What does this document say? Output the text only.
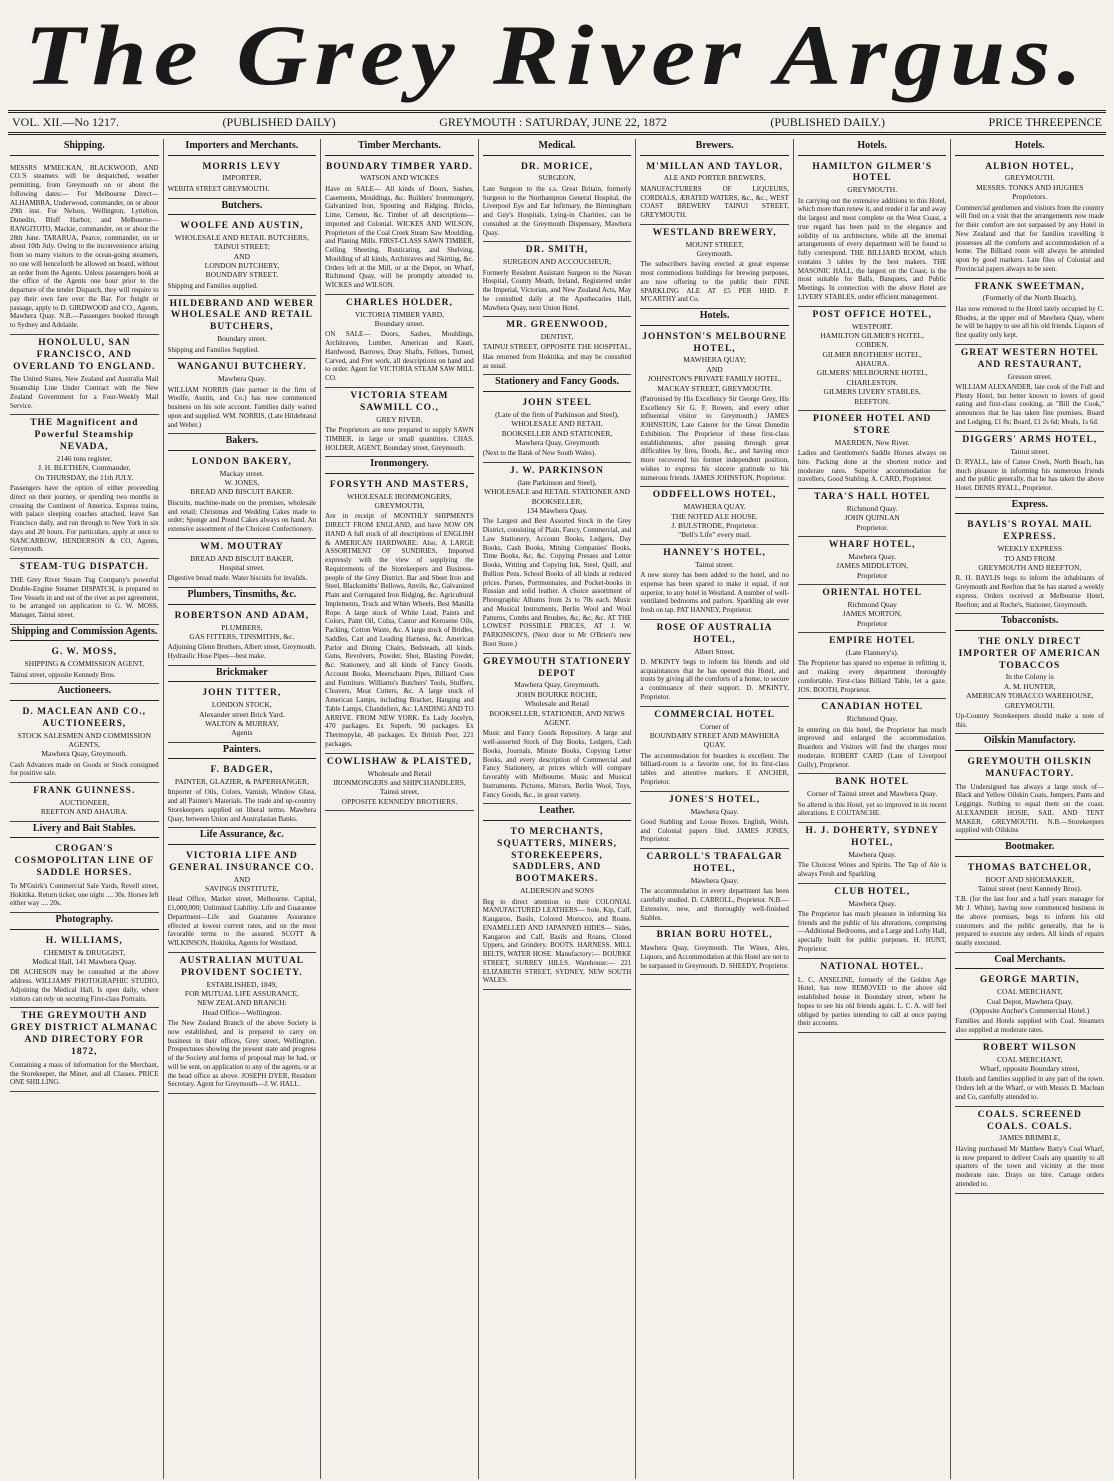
The Grey River Argus.
VOL. XII.—No 1217.	(PUBLISHED DAILY)	GREYMOUTH : SATURDAY, JUNE 22, 1872	(PUBLISHED DAILY.)	PRICE THREEPENCE
Shipping.
MESSRS M'MECKAN, BLACKWOOD, AND CO.'S steamers will be despatched, weather permitting, from Greymouth on or about the following dates:— For Melbourne Direct— ALHAMBRA, Underwood, commander, on or about 29th inst. For Nelson, Wellington, Lyttelton, Dunedin, Bluff Harbor, and Melbourne— RANGITOTO, Mackie, commander, on or about the 28th June. TARARUA, Pearce, commander, on or about 10th July. Owing to the inconvenience arising from so many visitors to the ocean-going steamers, no one will henceforth be allowed on board, without an order from the Agents. Unless passengers book at the office of the Agents one hour prior to the departure of the tender Dispatch, they will require to pay their own fare over the Bar. For freight or passage, apply to D. GIRDWOOD and CO., Agents, Mawhera Quay. N.B.—Passengers booked through to Sydney and Adelaide.
HONOLULU, SAN FRANCISCO, AND OVERLAND TO ENGLAND.
The United States, New Zealand and Australia Mail Steamship Line Under Contract with the New Zealand Government for a Four-Weekly Mail Service.
THE Magnificent and Powerful Steamship NEVADA,
2146 tons register,
J. H. BLETHEN, Commander,
On THURSDAY, the 11th JULY.
Passengers have the option of either proceeding direct on their journey, or spending two months in crossing the Continent of America. Express trains, with palace sleeping coaches attached, leave San Francisco daily, and run through to New York in six days and 20 hours. For particulars, apply at once to NANCARROW, HENDERSON & CO, Agents, Greymouth.
STEAM-TUG DISPATCH.
THE Grey River Steam Tug Company's powerful Double-Engine Steamer DISPATCH, is prepared to Tow Vessels in and out of the river as per agreement, to be arranged on application to G. W. MOSS, Manager, Tainui street.
Shipping and Commission Agents.
G. W. MOSS,
SHIPPING & COMMISSION AGENT,
Tainui street, opposite Kennedy Bros.
Auctioneers.
D. MACLEAN AND CO., AUCTIONEERS,
STOCK SALESMEN AND COMMISSION AGENTS,
Mawhera Quay, Greymouth.
Cash Advances made on Goods or Stock consigned for positive sale.
FRANK GUINNESS.
AUCTIONEER,
REEFTON AND AHAURA.
Livery and Bait Stables.
CROGAN'S COSMOPOLITAN LINE OF SADDLE HORSES.
To M'Guirk's Commercial Sale Yards, Revell street, Hokitika. Return ticket, one night .... 30s. Horses left either way .... 20s.
Photography.
H. WILLIAMS,
CHEMIST & DRUGGIST,
Medical Hall, 141 Mawhera Quay.
DR ACHESON may be consulted at the above address. WILLIAMS' PHOTOGRAPHIC STUDIO, Adjoining the Medical Hall, Is open daily, where visitors can rely on securing First-class Portraits.
THE GREYMOUTH AND GREY DISTRICT ALMANAC AND DIRECTORY FOR 1872,
Containing a mass of information for the Merchant, the Storekeeper, the Miner, and all Classes. PRICE ONE SHILLING.
Importers and Merchants.
MORRIS LEVY
IMPORTER,
WEBITA STREET GREYMOUTH.
Butchers.
WOOLFE AND AUSTIN,
WHOLESALE AND RETAIL BUTCHERS,
TAINUI STREET;
AND
LONDON BUTCHERY,
BOUNDARY STREET.
Shipping and Families supplied.
HILDEBRAND AND WEBER WHOLESALE AND RETAIL BUTCHERS,
Boundary street.
Shipping and Families Supplied.
WANGANUI BUTCHERY.
Mawhera Quay.
WILLIAM NORRIS (late partner in the firm of Woolfe, Austin, and Co.) has now commenced business on his sole account. Families daily waited upon and supplied. WM. NORRIS, (Late Hildebrand and Weber.)
Bakers.
LONDON BAKERY,
Mackay street.
W. JONES,
BREAD AND BISCUIT BAKER.
Biscuits, machine-made on the premises, wholesale and retail; Christmas and Wedding Cakes made to order; Sponge and Pound Cakes always on hand. An extensive assortment of the Choicest Confectionery.
WM. MOUTRAY
BREAD AND BISCUIT BAKER,
Hospital street.
Digestive bread made. Water biscuits for invalids.
Plumbers, Tinsmiths, &c.
ROBERTSON AND ADAM,
PLUMBERS,
GAS FITTERS, TINSMITHS, &c.
Adjoining Glenn Brothers, Albert street, Greymouth. Hydraulic Hose Pipes—best make.
Brickmaker
JOHN TITTER,
LONDON STOCK,
Alexander street Brick Yard.
WALTON & MURRAY,
Agents
Painters.
F. BADGER,
PAINTER, GLAZIER, & PAPERHANGER,
Importer of Oils, Colors, Varnish, Window Glass, and all Painter's Materials. The trade and up-country Storekeepers supplied on liberal terms. Mawhera Quay, between Union and Australasian Banks.
Life Assurance, &c.
VICTORIA LIFE AND GENERAL INSURANCE CO.
AND
SAVINGS INSTITUTE,
Head Office, Market street, Melbourne. Capital, £1,000,000; Unlimited Liability. Life and Guarantee Department—Life and Guarantee Assurance effected at lowest current rates, and on the most favorable terms to the assured. SCOTT & WILKINSON, Hokitika, Agents for Westland.
AUSTRALIAN MUTUAL PROVIDENT SOCIETY.
ESTABLISHED, 1849,
FOR MUTUAL LIFE ASSURANCE,
NEW ZEALAND BRANCH:
Head Office—Wellington.
The New Zealand Branch of the above Society is now established, and is prepared to carry on business in their offices, Grey street, Wellington. Prospectuses showing the present state and progress of the Society and forms of proposal may be had, or will be sent, on application to any of the agents, or at the head office as above. JOSEPH DYER, Resident Secretary. Agent for Greymouth—J. W. HALL.
Timber Merchants.
BOUNDARY TIMBER YARD.
WATSON AND WICKES
Have on SALE— All kinds of Doors, Sashes, Casements, Mouldings, &c. Builders' Ironmongery, Galvanized Iron, Spouting and Ridging. Bricks, Lime, Cement, &c. Timber of all descriptions—imported and Colonial. WICKES AND WILSON, Proprietors of the Coal Creek Steam Saw Moulding, and Planing Mills. FIRST-CLASS SAWN TIMBER, Ceiling Sheeting, Rusticating, and Shelving, Moulding of all kinds, Architraves and Skirting, &c. Orders left at the Mill, or at the Depot, on Wharf, Richmond Quay, will be promptly attended to. WICKES and WILSON.
CHARLES HOLDER,
VICTORIA TIMBER YARD,
Boundary street.
ON SALE— Doors, Sashes, Mouldings, Architraves, Lumber, American and Kauri, Hardwood, Barrows, Dray Shafts, Felloes, Turned, Carved, and Fret work, all descriptions on hand and to order. Agent for VICTORIA STEAM SAW MILL CO.
VICTORIA STEAM SAWMILL CO.,
GREY RIVER.
The Proprietors are now prepared to supply SAWN TIMBER, in large or small quantities. CHAS. HOLDER, AGENT, Boundary street, Greymouth.
Ironmongery.
FORSYTH AND MASTERS,
WHOLESALE IRONMONGERS,
GREYMOUTH,
Are in receipt of MONTHLY SHIPMENTS DIRECT FROM ENGLAND, and have NOW ON HAND A full stock of all descriptions of ENGLISH & AMERICAN HARDWARE: Also, A LARGE ASSORTMENT OF SUNDRIES, Imported expressly with the view of supplying the Requirements of the Storekeepers and Business-people of the Grey District. Bar and Sheet Iron and Steel, Blacksmiths' Bellows, Anvils, &c, Galvanized Plain and Corrugated Iron Ridging, &c. Agricultural Implements, Truck and Whim Wheels, Best Manilla Rope. A large stock of White Lead, Paints and Colors, Paint Oil, Colza, Castor and Kerosene Oils, Packing, Cotton Waste, &c. A large stock of Bridles, Saddles, Cart and Leading Harness, &c. American Parlor and Dining Chairs, Bedsteads, all kinds. Guns, Revolvers, Powder, Shot, Blasting Powder, &c. Stationery, and all kinds of Fancy Goods. Account Books, Meerschaum Pipes, Billiard Cues and Furniture. Williams's Butchers' Tools, Stuffers, Cleavers, Meat Cutters, &c. A large stock of American Lamps, including Bracket, Hanging and Table Lamps, Chandeliers, &c. LANDING AND TO ARRIVE. FROM NEW YORK. Ex Lady Jocelyn, 470 packages. Ex Superb, 90 packages. Ex Thermopylæ, 48 packages. Ex British Peer, 221 packages.
COWLISHAW & PLAISTED,
Wholesale and Retail
IRONMONGERS and SHIPCHANDLERS,
Tainui street,
OPPOSITE KENNEDY BROTHERS.
Medical.
DR. MORICE,
SURGEON,
Late Surgeon to the s.s. Great Britain, formerly Surgeon to the Northampton General Hospital, the Liverpool Eye and Ear Infirmary, the Birmingham and Guy's Hospitals, Lying-in Charities, can be consulted at the Greymouth Dispensary, Mawhera Quay.
DR. SMITH,
SURGEON AND ACCOUCHEUR,
Formerly Resident Assistant Surgeon to the Navan Hospital, County Meath, Ireland, Registered under the Imperial, Victorian, and New Zealand Acts, May be consulted daily at the Apothecaries Hall, Mawhera Quay, next Union Hotel.
MR. GREENWOOD,
DENTIST,
TAINUI STREET, OPPOSITE THE HOSPITAL,
Has returned from Hokitika, and may be consulted as usual.
Stationery and Fancy Goods.
JOHN STEEL
(Late of the firm of Parkinson and Steel),
WHOLESALE AND RETAIL
BOOKSELLER AND STATIONER,
Mawhera Quay, Greymouth
(Next to the Bank of New South Wales).
J. W. PARKINSON
(late Parkinson and Steel),
WHOLESALE and RETAIL STATIONER AND BOOKSELLER,
134 Mawhera Quay.
The Largest and Best Assorted Stock in the Grey District, consisting of Plain, Fancy, Commercial, and Law Stationery, Account Books, Ledgers, Day Books, Cash Books, Mining Companies' Books, Time Books, &c, &c. Copying Presses and Letter Books, Writing and Copying Ink, Steel, Quill, and Bullion Pens. School Books of all kinds at reduced prices. Purses, Portmonnaies, and Pocket-books in Russian and solid leather. A choice assortment of Photographic Albums from 2s to 70s each. Music and Musical Instruments, Berlin Wool and Wool Patterns, Combs and Brushes, &c, &c, &c. AT THE LOWEST POSSIBLE PRICES, AT J. W. PARKINSON'S, (Next door to Mr O'Brien's new Boot Store.)
GREYMOUTH STATIONERY DEPOT
Mawhera Quay, Greymouth.
JOHN BOURKE ROCHE,
Wholesale and Retail
BOOKSELLER, STATIONER, AND NEWS AGENT.
Music and Fancy Goods Repository. A large and well-assorted Stock of Day Books, Ledgers, Cash Books, Journals, Minute Books, Copying Letter Books, and every description of Commercial and Fancy Stationery, at prices which will compare favorably with Melbourne. Music and Musical Instruments. Pictures, Mirrors, Berlin Wool, Toys, Fancy Goods, &c., in great variety.
Leather.
TO MERCHANTS, SQUATTERS, MINERS, STOREKEEPERS, SADDLERS, AND BOOTMAKERS.
ALDERSON and SONS
Beg to direct attention to their COLONIAL MANUFACTURED LEATHERS— Sole, Kip, Calf, Kangaroo, Basils, Colored Morocco, and Roans. ENAMELLED AND JAPANNED HIDES— Sides, Kangaroo and Calf, Basils and Roans, Closed Uppers, and Grindery. BOOTS. HARNESS. MILL BELTS, WATER HOSE. Manufactory:— BOURKE STREET, SURREY HILLS. Warehouse:— 221 ELIZABETH STREET, SYDNEY, NEW SOUTH WALES.
Brewers.
M'MILLAN AND TAYLOR,
ALE AND PORTER BREWERS,
MANUFACTURERS OF LIQUEURS, CORDIALS, ÆRATED WATERS, &c., &c., WEST COAST BREWERY TAINUI STREET, GREYMOUTH.
WESTLAND BREWERY,
MOUNT STREET,
Greymouth.
The subscribers having erected at great expense most commodious buildings for brewing purposes, are now offering to the public their FINE SPARKLING ALE AT £5 PER HHD. P. M'CARTHY and Co.
Hotels.
JOHNSTON'S MELBOURNE HOTEL,
MAWHERA QUAY;
AND
JOHNSTON'S PRIVATE FAMILY HOTEL,
MACKAY STREET, GREYMOUTH.
(Patronised by His Excellency Sir George Grey, His Excellency Sir G. F. Bowen, and every other influential visitor to Greymouth.) JAMES JOHNSTON, Late Caterer for the Great Dunedin Exhibition. The Proprietor of these first-class establishments, after passing through great difficulties by fires, floods, &c., and having once more recovered his former independent position, wishes to express his sincere gratitude to his numerous friends. JAMES JOHNSTON, Proprietor.
ODDFELLOWS HOTEL,
MAWHERA QUAY.
THE NOTED ALE HOUSE.
J. BULSTRODE, Proprietor.
"Bell's Life" every mail.
HANNEY'S HOTEL,
Tainui street.
A new storey has been added to the hotel, and no expense has been spared to make it equal, if not superior, to any hotel in Westland. A number of well-ventilated bedrooms and parlors. Sparkling ale ever fresh on tap. PAT HANNEY, Proprietor.
ROSE OF AUSTRALIA HOTEL,
Albert Street.
D. M'KINTY begs to inform his friends and old acquaintances that he has opened this Hotel, and trusts by giving all the comforts of a home, to secure a continuance of their support. D. M'KINTY, Proprietor.
COMMERCIAL HOTEL
Corner of
BOUNDARY STREET AND MAWHERA QUAY.
The accommodation for boarders is excellent. The billiard-room is a favorite one, for its first-class tables and attentive markers. E ANCHER, Proprietor.
JONES'S HOTEL,
Mawhera Quay.
Good Stabling and Loose Boxes. English, Welsh, and Colonial papers filed. JAMES JONES, Proprietor.
CARROLL'S TRAFALGAR HOTEL,
Mawhera Quay.
The accommodation in every department has been carefully studied. D. CARROLL, Proprietor. N.B.—Extensive, new, and thoroughly well-finished Stables.
BRIAN BORU HOTEL,
Mawhera Quay, Greymouth. The Wines, Ales, Liquors, and Accommodation at this Hotel are not to be surpassed in Greymouth. D. SHEEDY, Proprietor.
Hotels.
HAMILTON GILMER'S HOTEL
GREYMOUTH.
In carrying out the extensive additions to this Hotel, which more than renew it, and render it far and away the largest and most complete on the West Coast, a true regard has been paid to the elegance and solidity of its architecture, while all the internal arrangements of every department will be found to fully correspond. THE BILLIARD ROOM, which contains 3 tables by the best makers. THE MASONIC HALL, the largest on the Coast, is the most suitable for Balls, Banquets, and Public Meetings. In connection with the above Hotel are LIVERY STABLES, under efficient management.
POST OFFICE HOTEL,
WESTPORT.
HAMILTON GILMER'S HOTEL,
COBDEN.
GILMER BROTHERS' HOTEL,
AHAURA.
GILMERS' MELBOURNE HOTEL,
CHARLESTON.
GILMERS LIVERY STABLES,
REEFTON.
PIONEER HOTEL AND STORE
MAERDEN, New River.
Ladies and Gentlemen's Saddle Horses always on hire. Packing done at the shortest notice and moderate rates. Superior accommodation for travellers, Good Stabling. A. CARD, Proprietor.
TARA'S HALL HOTEL
Richmond Quay.
JOHN QUINLAN
Proprietor.
WHARF HOTEL,
Mawhera Quay.
JAMES MIDDLETON,
Proprietor
ORIENTAL HOTEL
Richmond Quay
JAMES MORTON,
Proprietor
EMPIRE HOTEL
(Late Flannery's).
The Proprietor has spared no expense in refitting it, and making every department thoroughly comfortable. First-class Billiard Table, let a gaze. JOS. BOOTH, Proprietor.
CANADIAN HOTEL
Richmond Quay.
In entering on this hotel, the Proprietor has much improved and enlarged the accommodation. Boarders and Visitors will find the charges most moderate. ROBERT CARD (Late of Liverpool Gully), Proprietor.
BANK HOTEL
Corner of Tainui street and Mawhera Quay.
So altered is this Hotel, yet so improved in its recent alterations. E COUTANCHE.
H. J. DOHERTY, SYDNEY HOTEL,
Mawhera Quay.
The Choicest Wines and Spirits. The Tap of Ale is always Fresh and Sparkling
CLUB HOTEL,
Mawhera Quay.
The Proprietor has much pleasure in informing his friends and the public of his alterations, comprising—Additional Bedrooms, and a Large and Lofty Hall, specially built for public purposes. H. HUNT, Proprietor.
NATIONAL HOTEL.
L. C. ANSELINE, formerly of the Golden Age Hotel, has now REMOVED to the above old established house in Boundary street, where he hopes to see his old friends again. L. C. A. will feel obliged by parties intending to call at once paying their accounts.
Hotels.
ALBION HOTEL,
GREYMOUTH.
MESSRS. TONKS AND HUGHES
Proprietors.
Commercial gentlemen and visitors from the country will find on a visit that the arrangements now made for their comfort are not surpassed by any Hotel in New Zealand and that for families travelling it possesses all the comforts and accommodation of a home. The Billiard room will always be attended upon by good markers. Late files of Colonial and Provincial papers always to be seen.
FRANK SWEETMAN,
(Formerly of the North Beach),
Has now removed to the Hotel lately occupied by C. Rhodes, at the upper end of Mawhera Quay, where he will be happy to see all his old friends. Liquors of first quality only kept.
GREAT WESTERN HOTEL AND RESTAURANT,
Gresson street.
WILLIAM ALEXANDER, late cook of the Full and Plenty Hotel, but better known to lovers of good eating and first-class cooking, as "Bill the Cook," announces that he has taken fine premises. Board and Lodging, £1 8s; Board, £1 2s 6d; Meals, 1s 6d.
DIGGERS' ARMS HOTEL,
Tainui street.
D. RYALL, late of Canoe Creek, North Beach, has much pleasure in informing his numerous friends and the public generally, that he has taken the above Hotel. DENIS RYALL, Proprietor.
Express.
BAYLIS'S ROYAL MAIL EXPRESS.
WEEKLY EXPRESS
TO AND FROM
GREYMOUTH AND REEFTON,
R. H. BAYLIS begs to inform the inhabitants of Greymouth and Reefton that he has started a weekly express. Orders received at Melbourne Hotel, Reefton; and at Roche's, Stationer, Greymouth.
Tobacconists.
THE ONLY DIRECT IMPORTER OF AMERICAN TOBACCOS
In the Colony is
A. M. HUNTER,
AMERICAN TOBACCO WAREHOUSE, GREYMOUTH.
Up-Country Storekeepers should make a note of this.
Oilskin Manufactory.
GREYMOUTH OILSKIN MANUFACTORY.
The Undersigned has always a large stock of— Black and Yellow Oilskin Coats, Jumpers, Pants and Leggings. Nothing to equal them on the coast. ALEXANDER HOSIE, SAIL AND TENT MAKER, GREYMOUTH. N.B.—Storekeepers supplied with Oilskins
Bootmaker.
THOMAS BATCHELOR,
BOOT AND SHOEMAKER,
Tainui street (next Kennedy Bros).
T.B. (for the last four and a half years manager for Mr J. White), having now commenced business in the above premises, begs to inform his old customers and the public generally, that he is prepared to execute any orders. All kinds of repairs neatly executed.
Coal Merchants.
GEORGE MARTIN,
COAL MERCHANT,
Coal Depot, Mawhera Quay,
(Opposite Ancher's Commercial Hotel.)
Families and Hotels supplied with Coal. Steamers also supplied at moderate rates.
ROBERT WILSON
COAL MERCHANT,
Wharf, opposite Boundary street,
Hotels and families supplied in any part of the town. Orders left at the Wharf, or with Messrs D. Maclean and Co, carefully attended to.
COALS. SCREENED COALS. COALS.
JAMES BRIMBLE,
Having purchased Mr Matthew Batty's Coal Wharf, is now prepared to deliver Coals any quantity to all quarters of the town and vicinity at the most moderate rate. Drays on hire. Cartage orders attended to.
